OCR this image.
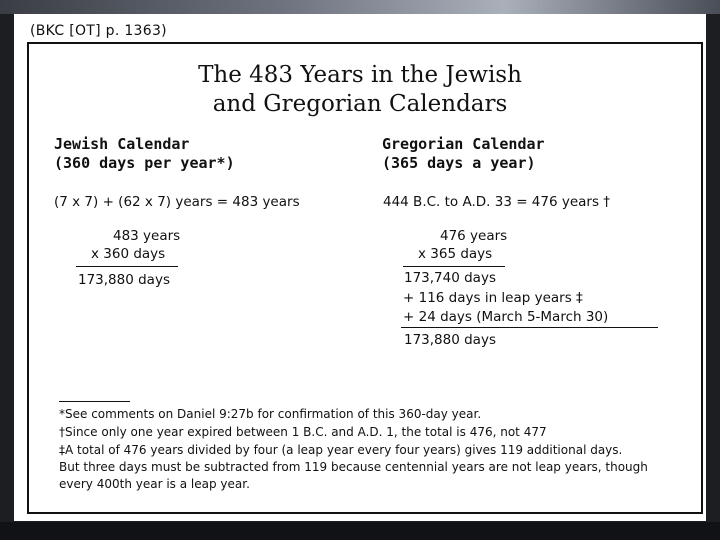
(BKC [OT] p. 1363)
The 483 Years in the Jewish
and Gregorian Calendars
Jewish Calendar
(360 days per year*)
(7 x 7) + (62 x 7) years = 483 years
483 years
x 360 days
173,880 days
Gregorian Calendar
(365 days a year)
444 B.C. to A.D. 33 = 476 years †
476 years
x 365 days
173,740 days
+ 116 days in leap years ‡
+ 24 days (March 5-March 30)
173,880 days
*See comments on Daniel 9:27b for confirmation of this 360-day year.
†Since only one year expired between 1 B.C. and A.D. 1, the total is 476, not 477
‡A total of 476 years divided by four (a leap year every four years) gives 119 additional days.
But three days must be subtracted from 119 because centennial years are not leap years, though
every 400th year is a leap year.
